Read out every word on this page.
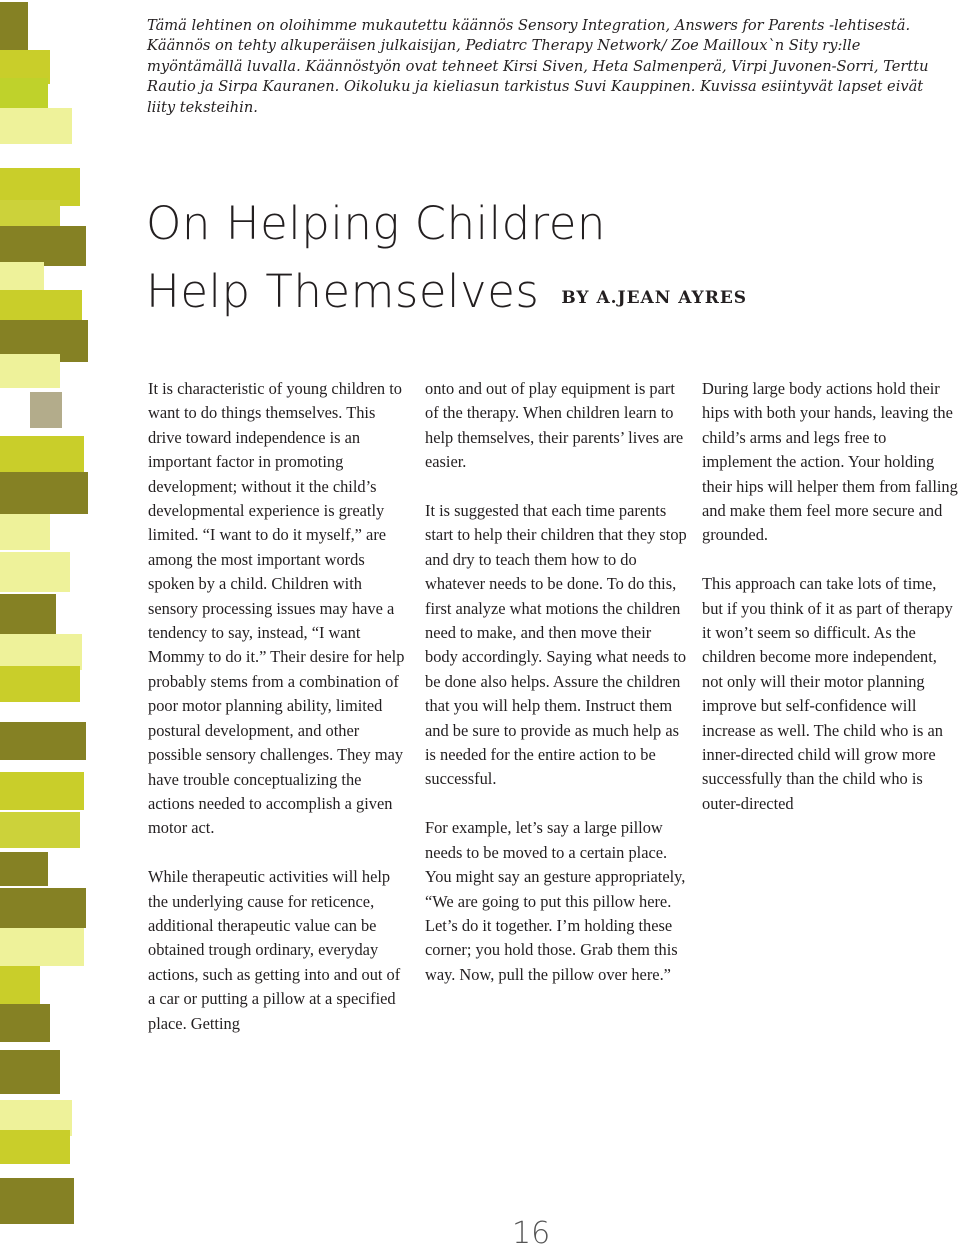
Tämä lehtinen on oloihimme mukautettu käännös Sensory Integration, Answers for Parents -lehtisestä. Käännös on tehty alkuperäisen julkaisijan, Pediatrc Therapy Network/ Zoe Mailloux`n Sity ry:lle myöntämällä luvalla. Käännöstyön ovat tehneet Kirsi Siven, Heta Salmenperä, Virpi Juvonen-Sorri, Terttu Rautio ja Sirpa Kauranen. Oikoluku ja kieliasun tarkistus Suvi Kauppinen. Kuvissa esiintyvät lapset eivät liity teksteihin.
On Helping Children
Help Themselves BY A.JEAN AYRES

It is characteristic of young children to want to do things themselves. This drive toward independence is an important factor in promoting development; without it the child’s developmental experience is greatly limited. “I want to do it myself,” are among the most important words spoken by a child. Children with sensory processing issues may have a tendency to say, instead, “I want Mommy to do it.” Their desire for help probably stems from a combination of poor motor planning ability, limited postural development, and other possible sensory challenges. They may have trouble conceptualizing the actions needed to accomplish a given motor act.

While therapeutic activities will help the underlying cause for reticence, additional therapeutic value can be obtained trough ordinary, everyday actions, such as getting into and out of a car or putting a pillow at a specified place. Getting

onto and out of play equipment is part of the therapy. When children learn to help themselves, their parents’ lives are easier.

It is suggested that each time parents start to help their children that they stop and dry to teach them how to do whatever needs to be done. To do this, first analyze what motions the children need to make, and then move their body accordingly. Saying what needs to be done also helps. Assure the children that you will help them. Instruct them and be sure to provide as much help as is needed for the entire action to be successful.

For example, let’s say a large pillow needs to be moved to a certain place. You might say an gesture appropriately, “We are going to put this pillow here. Let’s do it together. I’m holding these corner; you hold those. Grab them this way. Now, pull the pillow over here.”

During large body actions hold their hips with both your hands, leaving the child’s arms and legs free to implement the action. Your holding their hips will helper them from falling and make them feel more secure and grounded.

This approach can take lots of time, but if you think of it as part of therapy it won’t seem so difficult. As the children become more independent, not only will their motor planning improve but self-confidence will increase as well. The child who is an inner-directed child will grow more successfully than the child who is outer-directed

16
